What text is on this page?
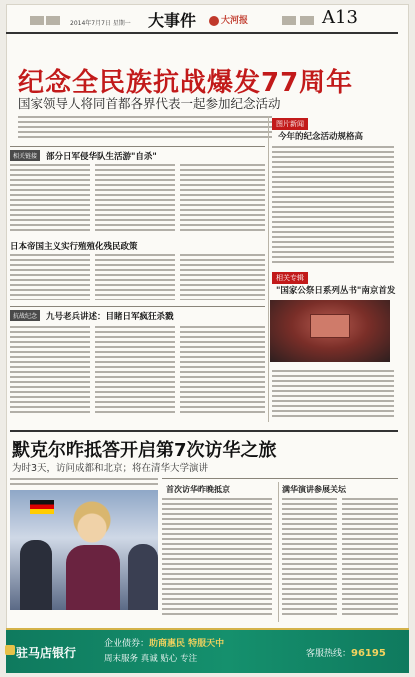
2014年7月7日 星期一 大事件	大河报	A13
纪念全民族抗战爆发77周年
国家领导人将同首都各界代表一起参加纪念活动
相关链接	部分日军侵华队生活游"自杀"
日本帝国主义实行殖殖化残民政策
抗战纪念	九号老兵讲述：目睹日军疯狂杀戮
图片新闻
今年的纪念活动规格高
相关专辑
"国家公祭日系列丛书"南京首发
默克尔昨抵答开启第7次访华之旅
为时3天，访问成都和北京；将在清华大学演讲
首次访华昨晚抵京	满华演讲参展关坛
驻马店银行
企业债券：助商惠民 特服天中
周末服务 真诚 贴心 专注	客服热线：96195
